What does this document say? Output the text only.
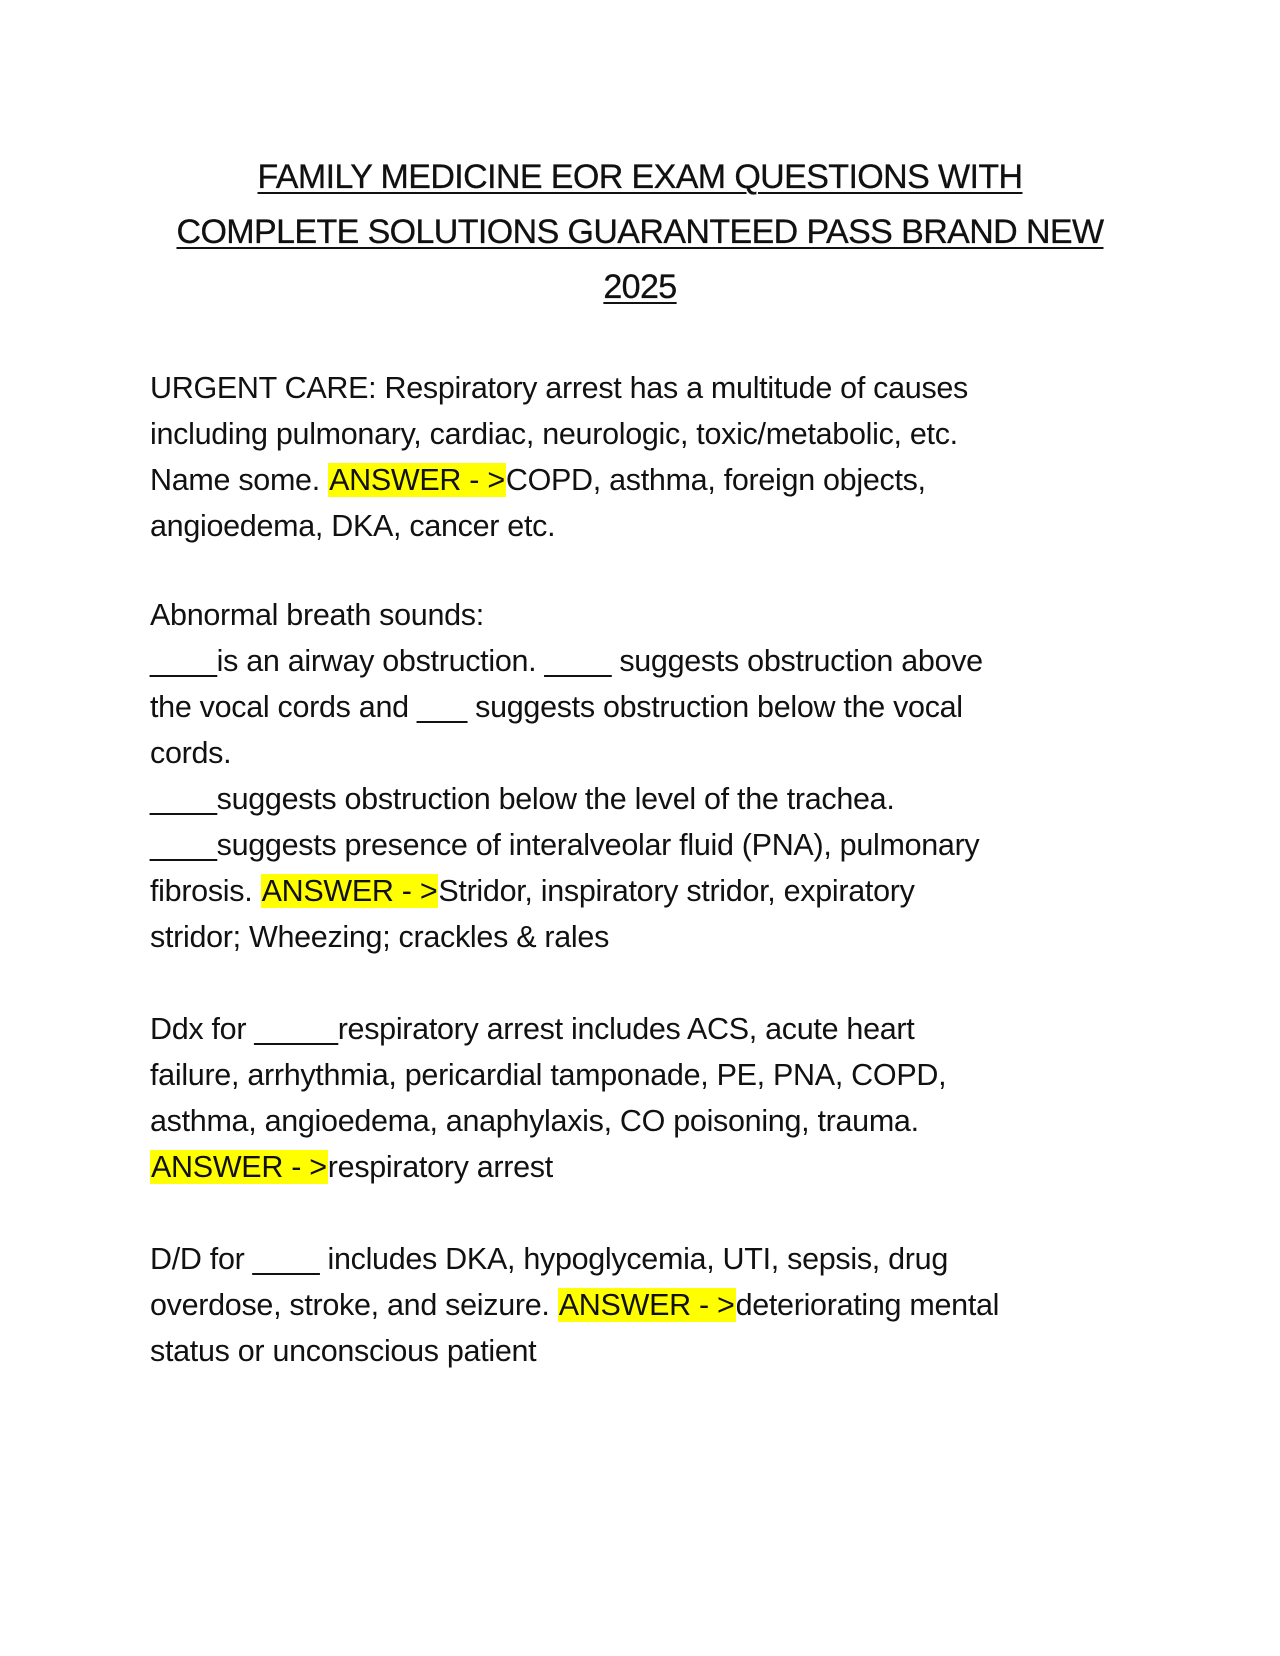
FAMILY MEDICINE EOR EXAM QUESTIONS WITH
COMPLETE SOLUTIONS GUARANTEED PASS BRAND NEW
2025

URGENT CARE: Respiratory arrest has a multitude of causes
including pulmonary, cardiac, neurologic, toxic/metabolic, etc.
Name some. ANSWER - >COPD, asthma, foreign objects,
angioedema, DKA, cancer etc.

Abnormal breath sounds:
____is an airway obstruction. ____ suggests obstruction above
the vocal cords and ___ suggests obstruction below the vocal
cords.
____suggests obstruction below the level of the trachea.
____suggests presence of interalveolar fluid (PNA), pulmonary
fibrosis. ANSWER - >Stridor, inspiratory stridor, expiratory
stridor; Wheezing; crackles & rales

Ddx for _____respiratory arrest includes ACS, acute heart
failure, arrhythmia, pericardial tamponade, PE, PNA, COPD,
asthma, angioedema, anaphylaxis, CO poisoning, trauma.
ANSWER - >respiratory arrest

D/D for ____ includes DKA, hypoglycemia, UTI, sepsis, drug
overdose, stroke, and seizure. ANSWER - >deteriorating mental
status or unconscious patient
